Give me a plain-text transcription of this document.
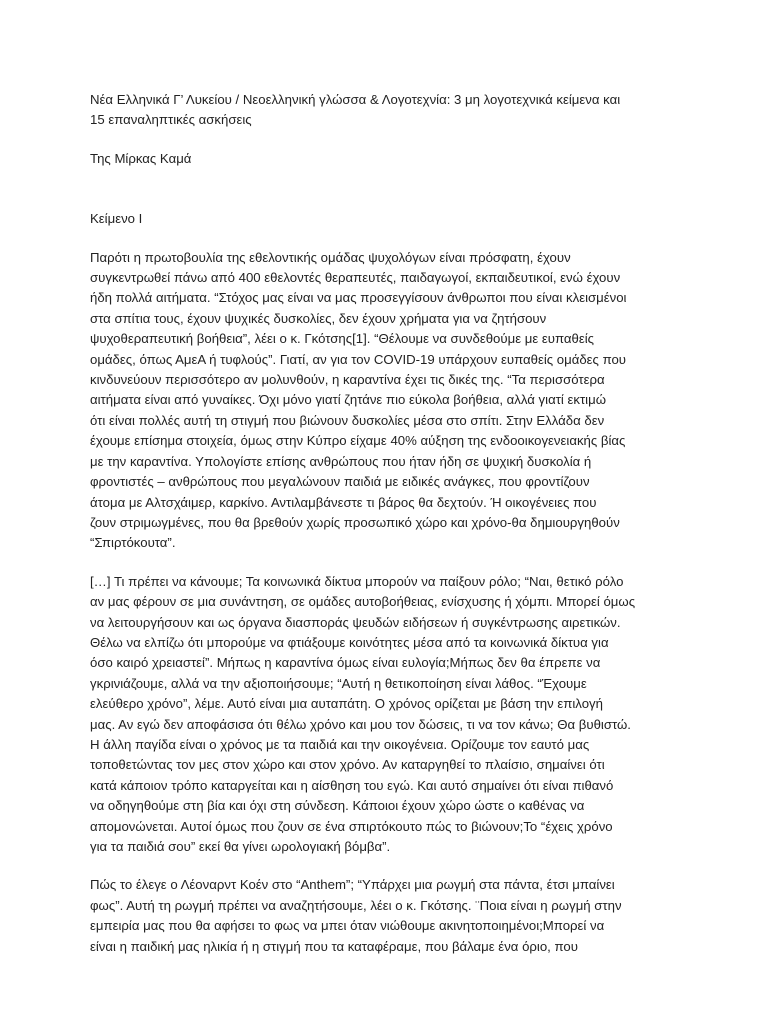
Νέα Ελληνικά Γ’ Λυκείου / Νεοελληνική γλώσσα & Λογοτεχνία: 3 μη λογοτεχνικά κείμενα και
15 επαναληπτικές ασκήσεις
Της Μίρκας Καμά
Κείμενο Ι
Παρότι η πρωτοβουλία της εθελοντικής ομάδας ψυχολόγων είναι πρόσφατη, έχουν
συγκεντρωθεί πάνω από 400 εθελοντές θεραπευτές, παιδαγωγοί, εκπαιδευτικοί, ενώ έχουν
ήδη πολλά αιτήματα. “Στόχος μας είναι να μας προσεγγίσουν άνθρωποι που είναι κλεισμένοι
στα σπίτια τους, έχουν ψυχικές δυσκολίες, δεν έχουν χρήματα για να ζητήσουν
ψυχοθεραπευτική βοήθεια”, λέει ο κ. Γκότσης[1]. “Θέλουμε να συνδεθούμε με ευπαθείς
ομάδες, όπως ΑμεΑ ή τυφλούς”. Γιατί, αν για τον COVID-19 υπάρχουν ευπαθείς ομάδες που
κινδυνεύουν περισσότερο αν μολυνθούν, η καραντίνα έχει τις δικές της. “Τα περισσότερα
αιτήματα είναι από γυναίκες. Όχι μόνο γιατί ζητάνε πιο εύκολα βοήθεια, αλλά γιατί εκτιμώ
ότι είναι πολλές αυτή τη στιγμή που βιώνουν δυσκολίες μέσα στο σπίτι. Στην Ελλάδα δεν
έχουμε επίσημα στοιχεία, όμως στην Κύπρο είχαμε 40% αύξηση της ενδοοικογενειακής βίας
με την καραντίνα. Υπολογίστε επίσης ανθρώπους που ήταν ήδη σε ψυχική δυσκολία ή
φροντιστές – ανθρώπους που μεγαλώνουν παιδιά με ειδικές ανάγκες, που φροντίζουν
άτομα με Αλτσχάιμερ, καρκίνο. Αντιλαμβάνεστε τι βάρος θα δεχτούν. Ή οικογένειες που
ζουν στριμωγμένες, που θα βρεθούν χωρίς προσωπικό χώρο και χρόνο-θα δημιουργηθούν
“Σπιρτόκουτα”.
[…] Τι πρέπει να κάνουμε; Τα κοινωνικά δίκτυα μπορούν να παίξουν ρόλο; “Ναι, θετικό ρόλο
αν μας φέρουν σε μια συνάντηση, σε ομάδες αυτοβοήθειας, ενίσχυσης ή χόμπι. Μπορεί όμως
να λειτουργήσουν και ως όργανα διασποράς ψευδών ειδήσεων ή συγκέντρωσης αιρετικών.
Θέλω να ελπίζω ότι μπορούμε να φτιάξουμε κοινότητες μέσα από τα κοινωνικά δίκτυα για
όσο καιρό χρειαστεί”. Μήπως η καραντίνα όμως είναι ευλογία;Μήπως δεν θα έπρεπε να
γκρινιάζουμε, αλλά να την αξιοποιήσουμε; “Αυτή η θετικοποίηση είναι λάθος. “Έχουμε
ελεύθερο χρόνο”, λέμε. Αυτό είναι μια αυταπάτη. Ο χρόνος ορίζεται με βάση την επιλογή
μας. Αν εγώ δεν αποφάσισα ότι θέλω χρόνο και μου τον δώσεις, τι να τον κάνω; Θα βυθιστώ.
Η άλλη παγίδα είναι ο χρόνος με τα παιδιά και την οικογένεια. Ορίζουμε τον εαυτό μας
τοποθετώντας τον μες στον χώρο και στον χρόνο. Αν καταργηθεί το πλαίσιο, σημαίνει ότι
κατά κάποιον τρόπο καταργείται και η αίσθηση του εγώ. Και αυτό σημαίνει ότι είναι πιθανό
να οδηγηθούμε στη βία και όχι στη σύνδεση. Κάποιοι έχουν χώρο ώστε ο καθένας να
απομονώνεται. Αυτοί όμως που ζουν σε ένα σπιρτόκουτο πώς το βιώνουν;Το “έχεις χρόνο
για τα παιδιά σου” εκεί θα γίνει ωρολογιακή βόμβα”.
Πώς το έλεγε ο Λέοναρντ Κοέν στο “Anthem”; “Υπάρχει μια ρωγμή στα πάντα, έτσι μπαίνει
φως”. Αυτή τη ρωγμή πρέπει να αναζητήσουμε, λέει ο κ. Γκότσης. ¨Ποια είναι η ρωγμή στην
εμπειρία μας που θα αφήσει το φως να μπει όταν νιώθουμε ακινητοποιημένοι;Μπορεί να
είναι η παιδική μας ηλικία ή η στιγμή που τα καταφέραμε, που βάλαμε ένα όριο, που
